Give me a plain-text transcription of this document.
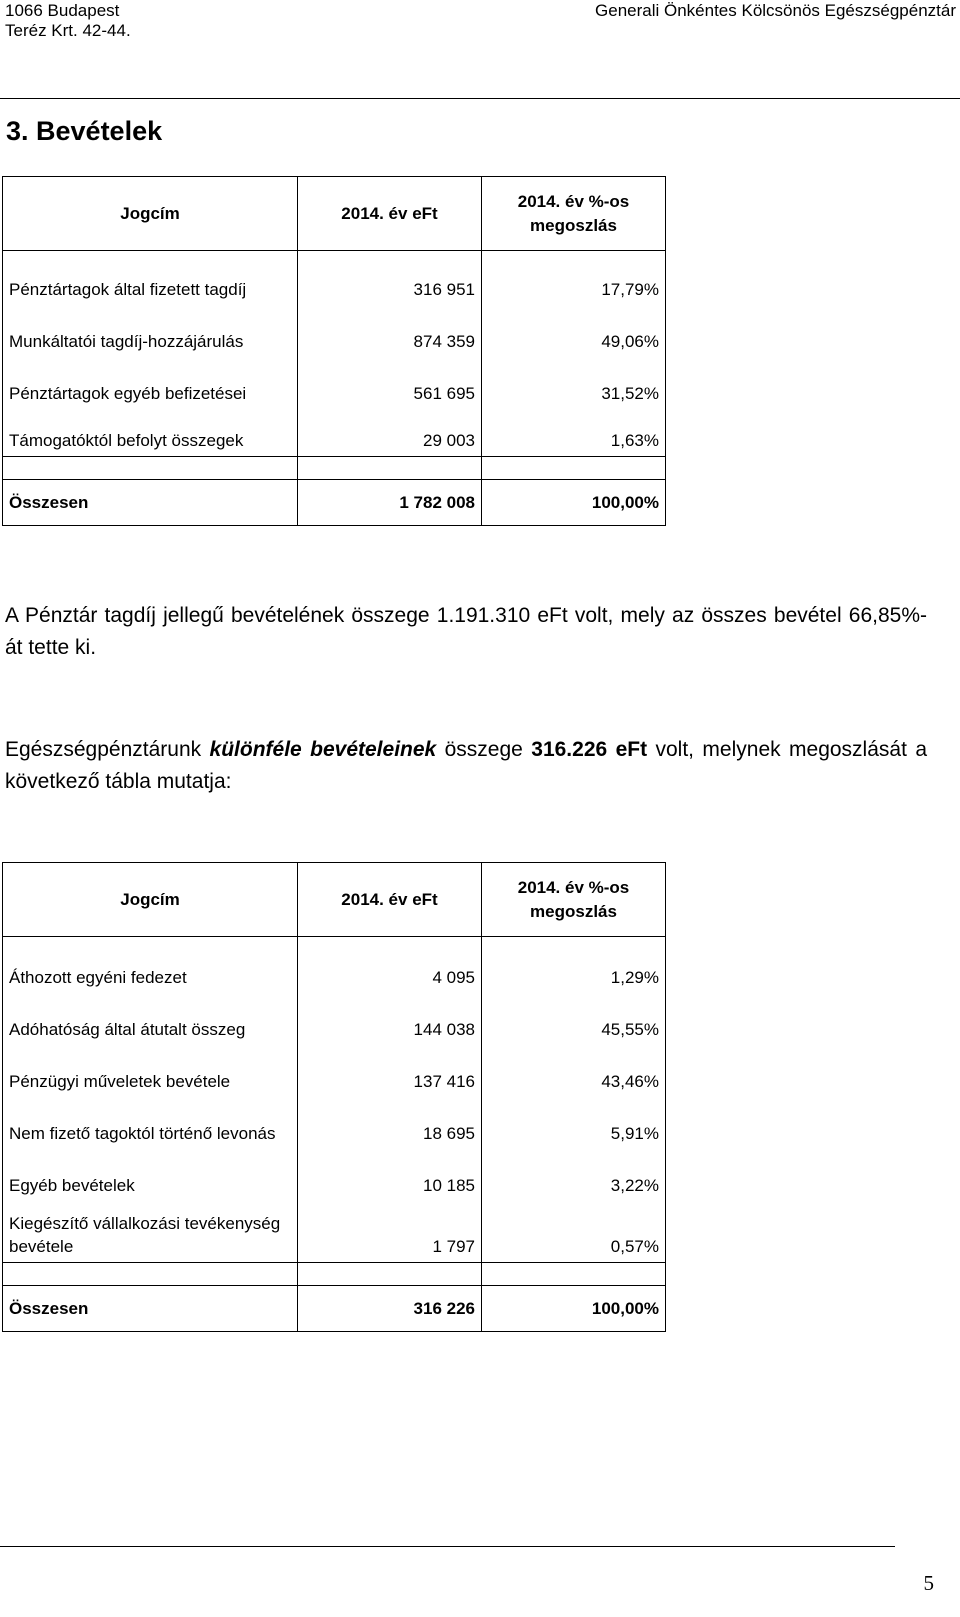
1066 Budapest
Teréz Krt. 42-44.
Generali Önkéntes Kölcsönös Egészségpénztár
3. Bevételek
Jogcím	2014. év eFt	2014. év %-os megoszlás
Pénztártagok által fizetett tagdíj	316 951	17,79%
Munkáltatói tagdíj-hozzájárulás	874 359	49,06%
Pénztártagok egyéb befizetései	561 695	31,52%
Támogatóktól befolyt összegek	29 003	1,63%

Összesen	1 782 008	100,00%
A Pénztár tagdíj jellegű bevételének összege 1.191.310 eFt volt, mely az összes bevétel 66,85%-át tette ki.
Egészségpénztárunk különféle bevételeinek összege 316.226 eFt volt, melynek megoszlását a következő tábla mutatja:
Jogcím	2014. év eFt	2014. év %-os megoszlás
Áthozott egyéni fedezet	4 095	1,29%
Adóhatóság által átutalt összeg	144 038	45,55%
Pénzügyi műveletek bevétele	137 416	43,46%
Nem fizető tagoktól történő levonás	18 695	5,91%
Egyéb bevételek	10 185	3,22%
Kiegészítő vállalkozási tevékenység bevétele	1 797	0,57%

Összesen	316 226	100,00%
5
